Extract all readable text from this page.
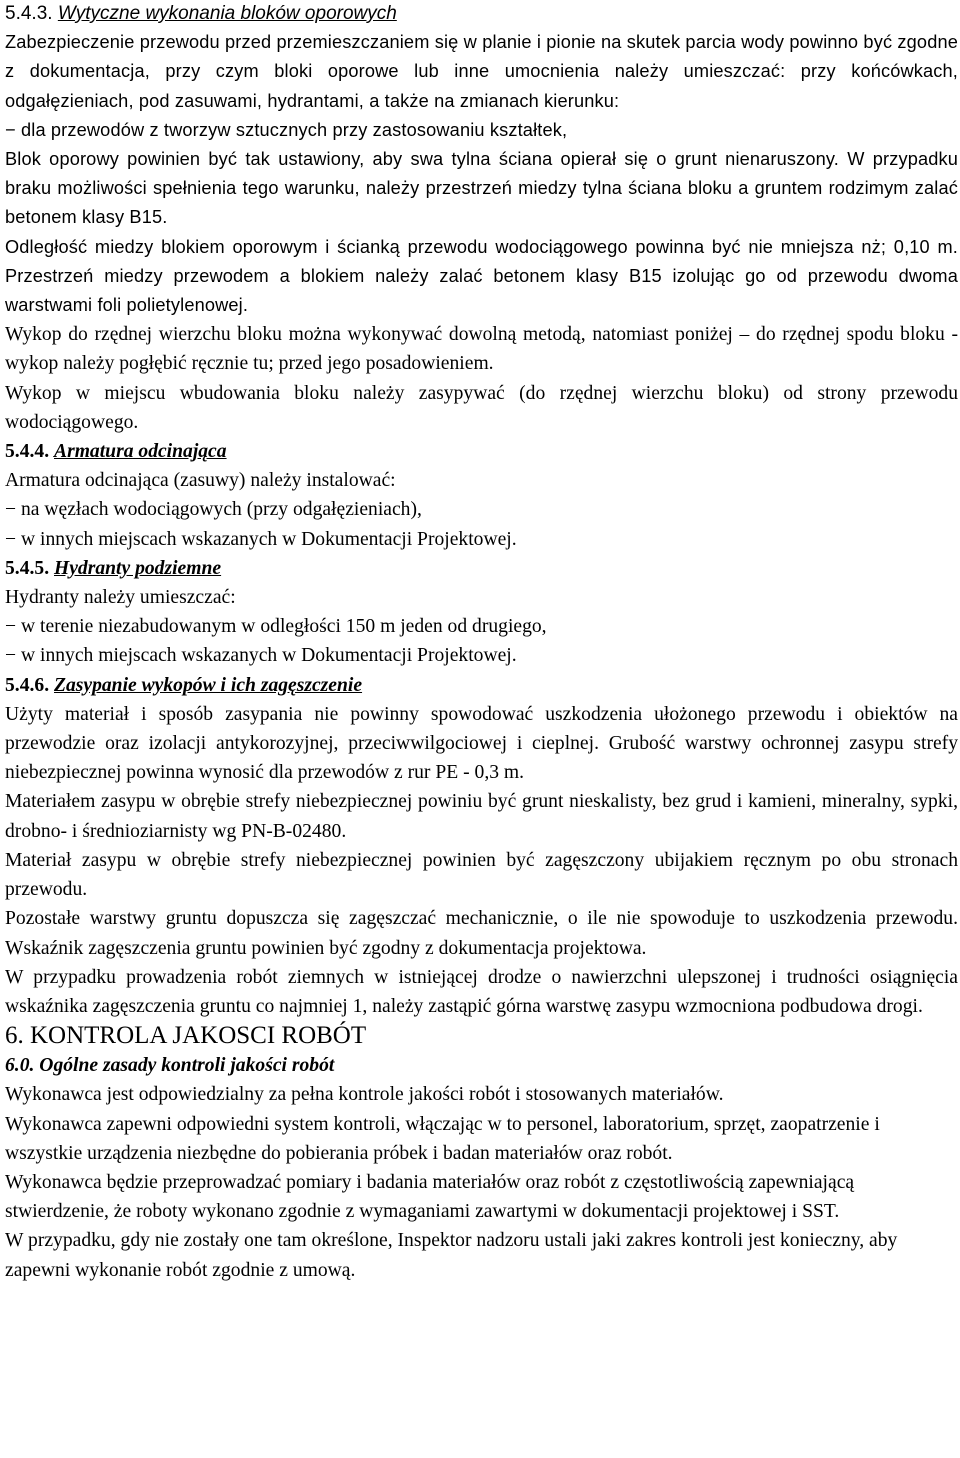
5.4.3. Wytyczne wykonania bloków oporowych

Zabezpieczenie przewodu przed przemieszczaniem się w planie i pionie na skutek parcia wody powinno być zgodne z dokumentacja, przy czym bloki oporowe lub inne umocnienia należy umieszczać: przy końcówkach, odgałęzieniach, pod zasuwami, hydrantami, a także na zmianach kierunku:

− dla przewodów z tworzyw sztucznych przy zastosowaniu kształtek,

Blok oporowy powinien być tak ustawiony, aby swa tylna ściana opierał się o grunt nienaruszony. W przypadku braku możliwości spełnienia tego warunku, należy przestrzeń miedzy tylna ściana bloku a gruntem rodzimym zalać betonem klasy B15.

Odległość miedzy blokiem oporowym i ścianką przewodu wodociągowego powinna być nie mniejsza nż; 0,10 m. Przestrzeń miedzy przewodem a blokiem należy zalać betonem klasy B15 izolując go od przewodu dwoma warstwami foli polietylenowej.

Wykop do rzędnej wierzchu bloku można wykonywać dowolną metodą, natomiast poniżej – do rzędnej spodu bloku - wykop należy pogłębić ręcznie tu; przed jego posadowieniem.

Wykop w miejscu wbudowania bloku należy zasypywać (do rzędnej wierzchu bloku) od strony przewodu wodociągowego.

5.4.4. Armatura odcinająca

Armatura odcinająca (zasuwy) należy instalować:

− na węzłach wodociągowych (przy odgałęzieniach),

− w innych miejscach wskazanych w Dokumentacji Projektowej.

5.4.5. Hydranty podziemne

Hydranty należy umieszczać:

− w terenie niezabudowanym w odległości 150 m jeden od drugiego,

− w innych miejscach wskazanych w Dokumentacji Projektowej.

5.4.6. Zasypanie wykopów i ich zagęszczenie

Użyty materiał i sposób zasypania nie powinny spowodować uszkodzenia ułożonego przewodu i obiektów na przewodzie oraz izolacji antykorozyjnej, przeciwwilgociowej i cieplnej. Grubość warstwy ochronnej zasypu strefy niebezpiecznej powinna wynosić dla przewodów z rur PE - 0,3 m.

Materiałem zasypu w obrębie strefy niebezpiecznej powiniu być grunt nieskalisty, bez grud i kamieni, mineralny, sypki, drobno- i średnioziarnisty wg PN-B-02480.

Materiał zasypu w obrębie strefy niebezpiecznej powinien być zagęszczony ubijakiem ręcznym po obu stronach przewodu.

Pozostałe warstwy gruntu dopuszcza się zagęszczać mechanicznie, o ile nie spowoduje to uszkodzenia przewodu. Wskaźnik zagęszczenia gruntu powinien być zgodny z dokumentacja projektowa.

W przypadku prowadzenia robót ziemnych w istniejącej drodze o nawierzchni ulepszonej i trudności osiągnięcia wskaźnika zagęszczenia gruntu co najmniej 1, należy zastąpić górna warstwę zasypu wzmocniona podbudowa drogi.

6. KONTROLA JAKOSCI ROBÓT
6.0. Ogólne zasady kontroli jakości robót

Wykonawca jest odpowiedzialny za pełna kontrole jakości robót i stosowanych materiałów.

Wykonawca zapewni odpowiedni system kontroli, włączając w to personel, laboratorium, sprzęt, zaopatrzenie i wszystkie urządzenia niezbędne do pobierania próbek i badan materiałów oraz robót.

Wykonawca będzie przeprowadzać pomiary i badania materiałów oraz robót z częstotliwością zapewniającą stwierdzenie, że roboty wykonano zgodnie z wymaganiami zawartymi w dokumentacji projektowej i SST.

W przypadku, gdy nie zostały one tam określone, Inspektor nadzoru ustali jaki zakres kontroli jest konieczny, aby zapewni wykonanie robót zgodnie z umową.
